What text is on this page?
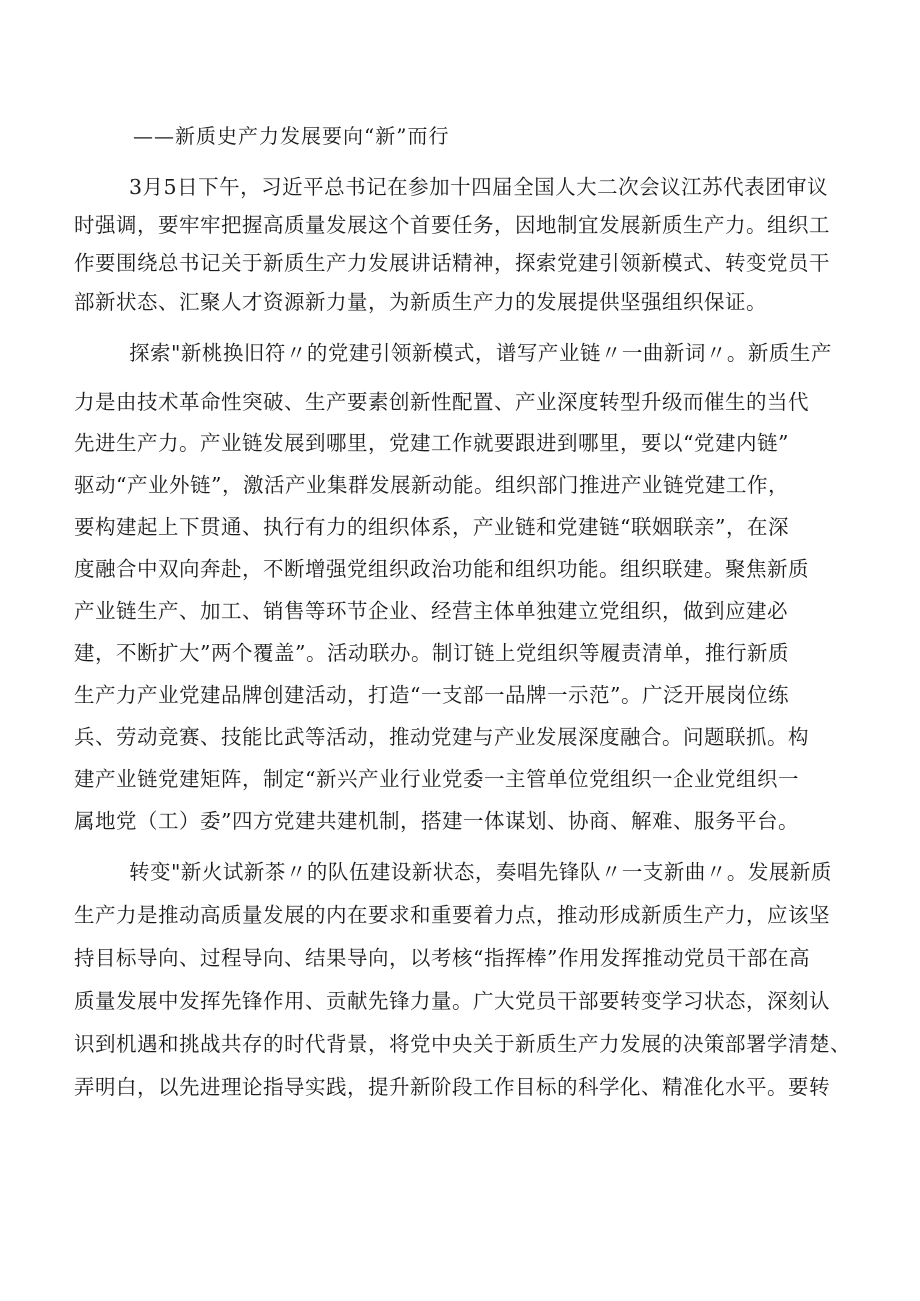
——新质史产力发展要向“新”而行
3月5日下午，习近平总书记在参加十四届全国人大二次会议江苏代表团审议
时强调，要牢牢把握高质量发展这个首要任务，因地制宜发展新质生产力。组织工
作要围绕总书记关于新质生产力发展讲话精神，探索党建引领新模式、转变党员干
部新状态、汇聚人才资源新力量，为新质生产力的发展提供坚强组织保证。
探索"新桃换旧符〃的党建引领新模式，谱写产业链〃一曲新词〃。新质生产
力是由技术革命性突破、生产要素创新性配置、产业深度转型升级而催生的当代
先进生产力。产业链发展到哪里，党建工作就要跟进到哪里，要以“党建内链”
驱动“产业外链”，激活产业集群发展新动能。组织部门推进产业链党建工作，
要构建起上下贯通、执行有力的组织体系，产业链和党建链“联姻联亲”，在深
度融合中双向奔赴，不断增强党组织政治功能和组织功能。组织联建。聚焦新质
产业链生产、加工、销售等环节企业、经营主体单独建立党组织，做到应建必
建，不断扩大”两个覆盖”。活动联办。制订链上党组织等履责清单，推行新质
生产力产业党建品牌创建活动，打造“一支部一品牌一示范”。广泛开展岗位练
兵、劳动竞赛、技能比武等活动，推动党建与产业发展深度融合。问题联抓。构
建产业链党建矩阵，制定“新兴产业行业党委一主管单位党组织一企业党组织一
属地党（工）委”四方党建共建机制，搭建一体谋划、协商、解难、服务平台。
转变"新火试新茶〃的队伍建设新状态，奏唱先锋队〃一支新曲〃。发展新质
生产力是推动高质量发展的内在要求和重要着力点，推动形成新质生产力，应该坚
持目标导向、过程导向、结果导向，以考核“指挥棒”作用发挥推动党员干部在高
质量发展中发挥先锋作用、贡献先锋力量。广大党员干部要转变学习状态，深刻认
识到机遇和挑战共存的时代背景，将党中央关于新质生产力发展的决策部署学清楚、
弄明白，以先进理论指导实践，提升新阶段工作目标的科学化、精准化水平。要转
